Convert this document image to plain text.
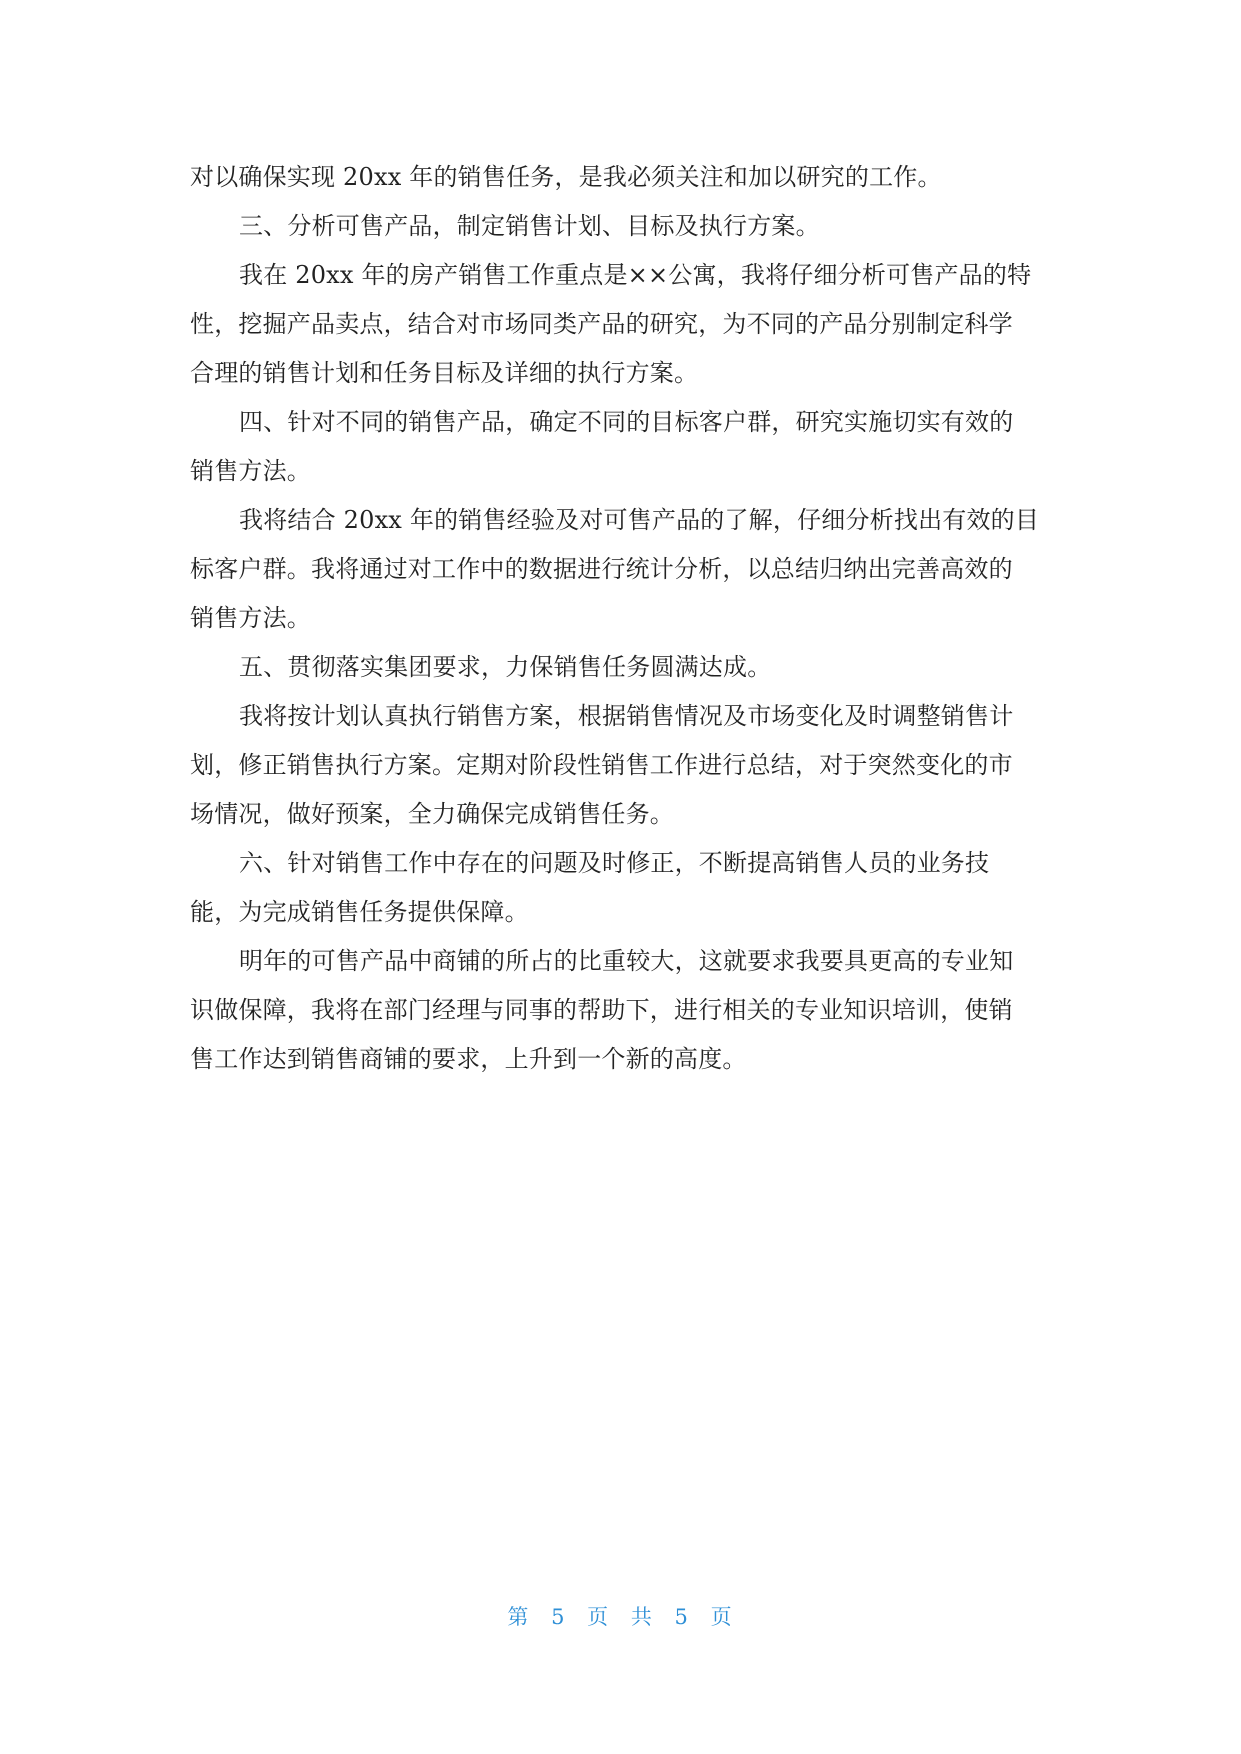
对以确保实现 20xx 年的销售任务，是我必须关注和加以研究的工作。
三、分析可售产品，制定销售计划、目标及执行方案。
我在 20xx 年的房产销售工作重点是××公寓，我将仔细分析可售产品的特
性，挖掘产品卖点，结合对市场同类产品的研究，为不同的产品分别制定科学
合理的销售计划和任务目标及详细的执行方案。
四、针对不同的销售产品，确定不同的目标客户群，研究实施切实有效的
销售方法。
我将结合 20xx 年的销售经验及对可售产品的了解，仔细分析找出有效的目
标客户群。我将通过对工作中的数据进行统计分析，以总结归纳出完善高效的
销售方法。
五、贯彻落实集团要求，力保销售任务圆满达成。
我将按计划认真执行销售方案，根据销售情况及市场变化及时调整销售计
划，修正销售执行方案。定期对阶段性销售工作进行总结，对于突然变化的市
场情况，做好预案，全力确保完成销售任务。
六、针对销售工作中存在的问题及时修正，不断提高销售人员的业务技
能，为完成销售任务提供保障。
明年的可售产品中商铺的所占的比重较大，这就要求我要具更高的专业知
识做保障，我将在部门经理与同事的帮助下，进行相关的专业知识培训，使销
售工作达到销售商铺的要求，上升到一个新的高度。

第 5 页 共 5 页
